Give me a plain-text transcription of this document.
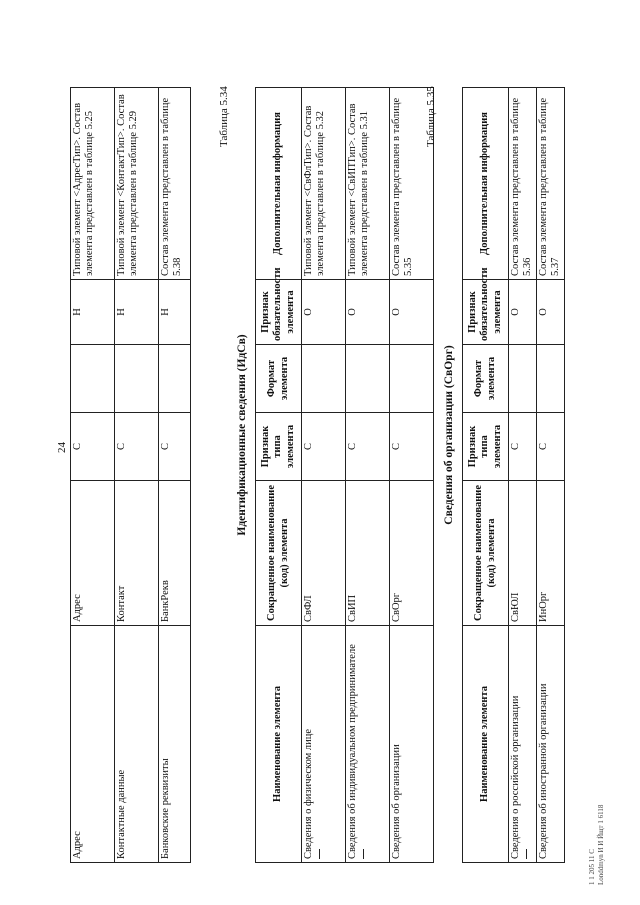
24
Адрес	Адрес	С		Н	Типовой элемент <АдресТип>. Состав элемента представлен в таблице 5.25
Контактные данные	Контакт	С		Н	Типовой элемент <КонтактТип>. Состав элемента представлен в таблице 5.29
Банковские реквизиты	БанкРекв	С		Н	Состав элемента представлен в таблице 5.38
Таблица 5.34
Идентификационные сведения (ИдСв)
Наименование элемента	Сокращенное наименование (код) элемента	Признак типа элемента	Формат элемента	Признак обязательности элемента	Дополнительная информация
Сведения о физическом лице	СвФЛ	С		О	Типовой элемент <СвФлТип>. Состав элемента представлен в таблице 5.32
Сведения об индивидуальном предпринимателе	СвИП	С		О	Типовой элемент <СвИПТип>. Состав элемента представлен в таблице 5.31
Сведения об организации	СвОрг	С		О	Состав элемента представлен в таблице 5.35
Таблица 5.35
Сведения об организации (СвОрг)
Наименование элемента	Сокращенное наименование (код) элемента	Признак типа элемента	Формат элемента	Признак обязательности элемента	Дополнительная информация
Сведения о российской организации	СвЮЛ	С		О	Состав элемента представлен в таблице 5.36
Сведения об иностранной организации	ИнОрг	С		О	Состав элемента представлен в таблице 5.37
1 1 205 11 С Londdmyn И И Йщт 1 6118
